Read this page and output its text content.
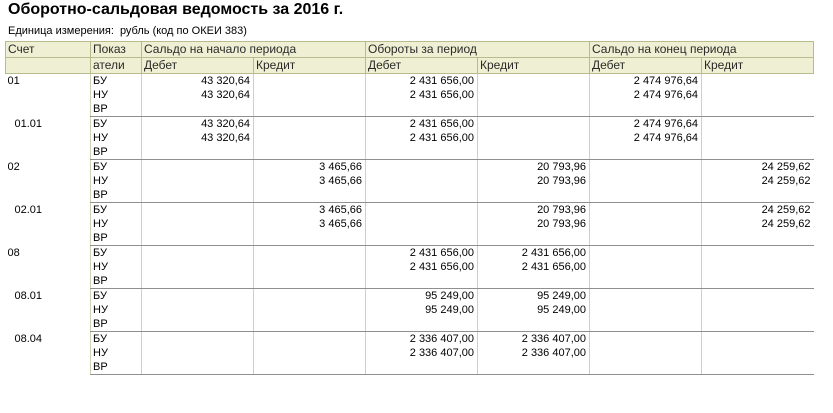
Оборотно-сальдовая ведомость за 2016 г.
Единица измерения: рубль (код по ОКЕИ 383)
Счет	Показ	Сальдо на начало периода		Обороты за период		Сальдо на конец периода	
	атели	Дебет	Кредит	Дебет	Кредит	Дебет	Кредит
01	БУ	43 320,64		2 431 656,00		2 474 976,64	
	НУ	43 320,64		2 431 656,00		2 474 976,64	
	ВР						
01.01	БУ	43 320,64		2 431 656,00		2 474 976,64	
	НУ	43 320,64		2 431 656,00		2 474 976,64	
	ВР						
02	БУ		3 465,66		20 793,96		24 259,62
	НУ		3 465,66		20 793,96		24 259,62
	ВР						
02.01	БУ		3 465,66		20 793,96		24 259,62
	НУ		3 465,66		20 793,96		24 259,62
	ВР						
08	БУ			2 431 656,00	2 431 656,00		
	НУ			2 431 656,00	2 431 656,00		
	ВР						
08.01	БУ			95 249,00	95 249,00		
	НУ			95 249,00	95 249,00		
	ВР						
08.04	БУ			2 336 407,00	2 336 407,00		
	НУ			2 336 407,00	2 336 407,00		
	ВР						
